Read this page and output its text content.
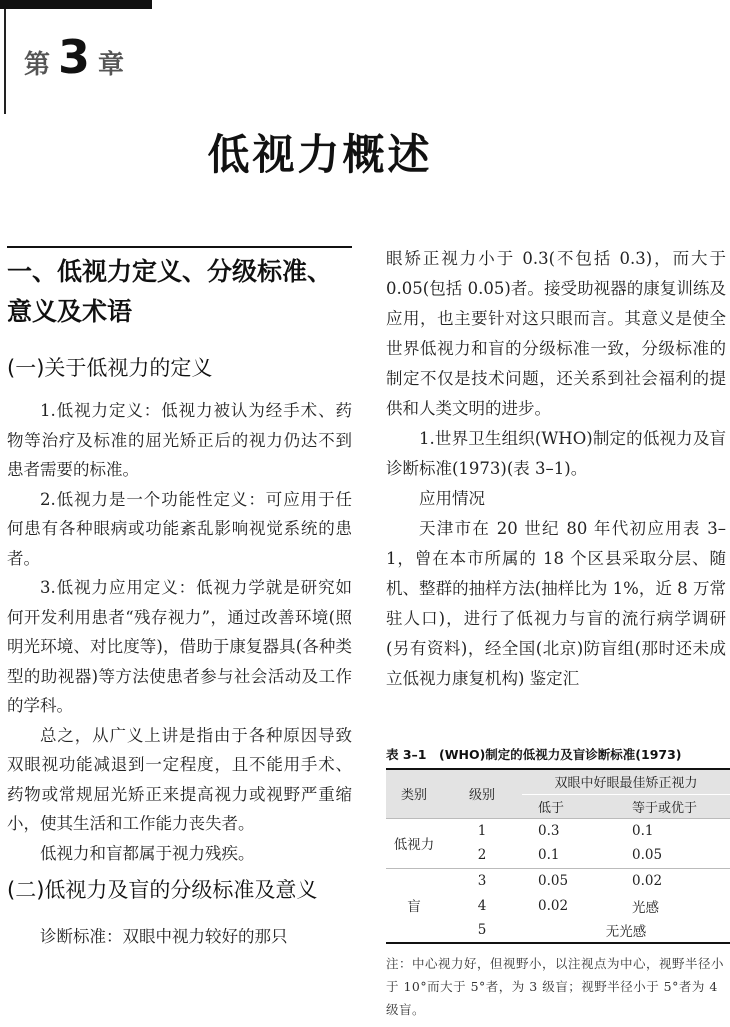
第 3 章
低视力概述
一、低视力定义、分级标准、意义及术语
(一)关于低视力的定义

1.低视力定义：低视力被认为经手术、药物等治疗及标准的屈光矫正后的视力仍达不到患者需要的标准。

2.低视力是一个功能性定义：可应用于任何患有各种眼病或功能紊乱影响视觉系统的患者。

3.低视力应用定义：低视力学就是研究如何开发利用患者“残存视力”，通过改善环境(照明光环境、对比度等)，借助于康复器具(各种类型的助视器)等方法使患者参与社会活动及工作的学科。

总之，从广义上讲是指由于各种原因导致双眼视功能减退到一定程度，且不能用手术、药物或常规屈光矫正来提高视力或视野严重缩小，使其生活和工作能力丧失者。

低视力和盲都属于视力残疾。

(二)低视力及盲的分级标准及意义

诊断标准：双眼中视力较好的那只

眼矫正视力小于 0.3(不包括 0.3)，而大于 0.05(包括 0.05)者。接受助视器的康复训练及应用，也主要针对这只眼而言。其意义是使全世界低视力和盲的分级标准一致，分级标准的制定不仅是技术问题，还关系到社会福利的提供和人类文明的进步。

1.世界卫生组织(WHO)制定的低视力及盲诊断标准(1973)(表 3–1)。

应用情况

天津市在 20 世纪 80 年代初应用表 3–1，曾在本市所属的 18 个区县采取分层、随机、整群的抽样方法(抽样比为 1%，近 8 万常驻人口)，进行了低视力与盲的流行病学调研(另有资料)，经全国(北京)防盲组(那时还未成立低视力康复机构) 鉴定汇

表 3–1　(WHO)制定的低视力及盲诊断标准(1973)
类别	级别	双眼中好眼最佳矫正视力	
		低于	等于或优于
低视力	1	0.3	0.1
	2	0.1	0.05
盲	3	0.05	0.02
	4	0.02	光感
	5	无光感	
注：中心视力好，但视野小，以注视点为中心，视野半径小于 10°而大于 5°者，为 3 级盲；视野半径小于 5°者为 4 级盲。
